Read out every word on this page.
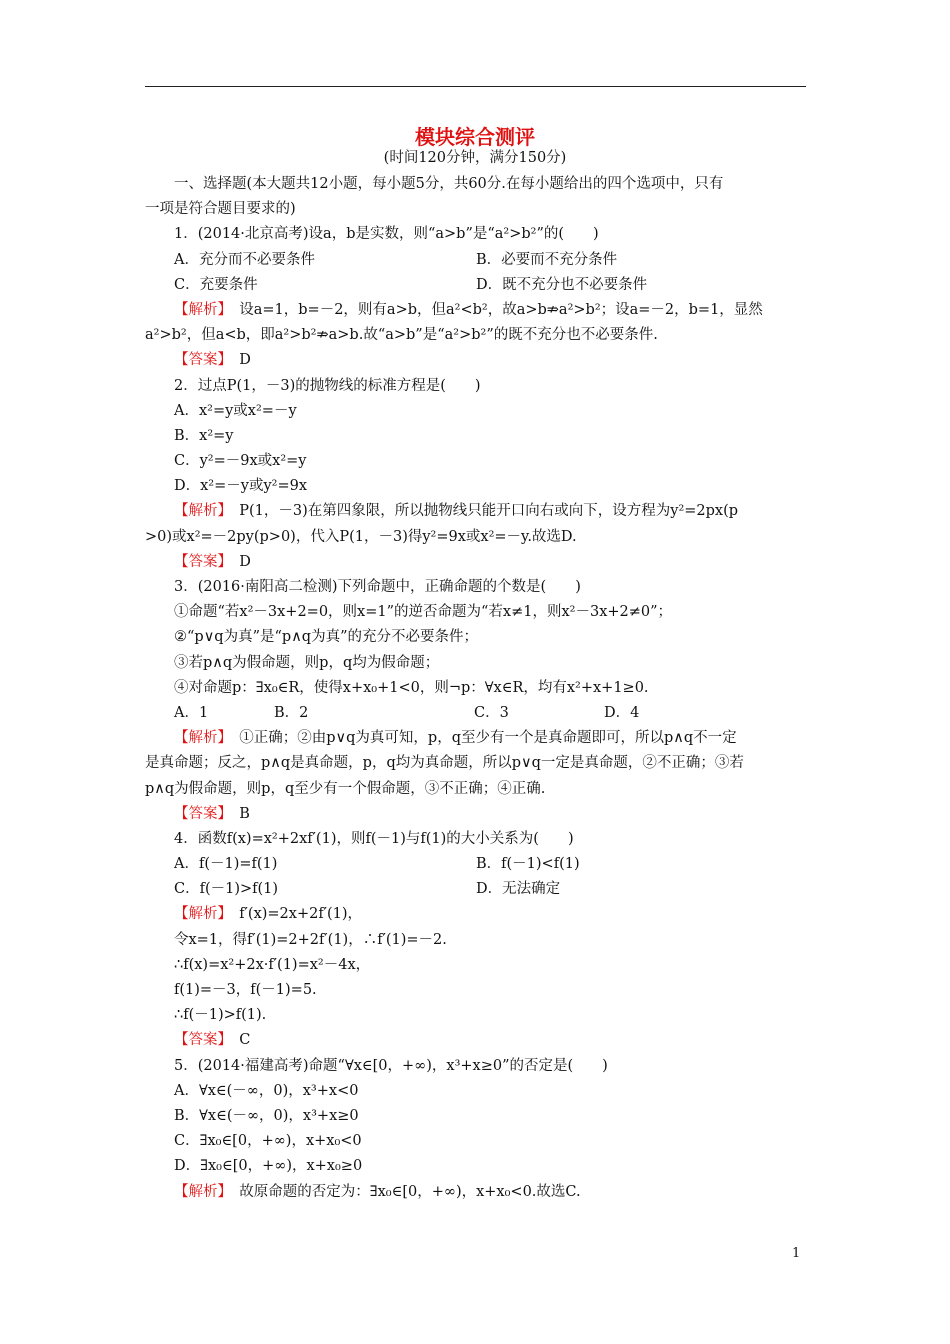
模块综合测评
(时间120分钟，满分150分)
一、选择题(本大题共12小题，每小题5分，共60分.在每小题给出的四个选项中，只有
一项是符合题目要求的)
1．(2014·北京高考)设a，b是实数，则“a>b”是“a²>b²”的(　　)
A．充分而不必要条件	B．必要而不充分条件
C．充要条件	D．既不充分也不必要条件
【解析】　设a=1，b=－2，则有a>b，但a²<b²，故a>b⇏a²>b²；设a=－2，b=1，显然
a²>b²，但a<b，即a²>b²⇏a>b.故“a>b”是“a²>b²”的既不充分也不必要条件.
【答案】　D
2．过点P(1，－3)的抛物线的标准方程是(　　)
A．x²=y或x²=－y
B．x²=y
C．y²=－9x或x²=y
D．x²=－y或y²=9x
【解析】　P(1，－3)在第四象限，所以抛物线只能开口向右或向下，设方程为y²=2px(p
>0)或x²=－2py(p>0)，代入P(1，－3)得y²=9x或x²=－y.故选D.
【答案】　D
3．(2016·南阳高二检测)下列命题中，正确命题的个数是(　　)
①命题“若x²－3x+2=0，则x=1”的逆否命题为“若x≠1，则x²－3x+2≠0”；
②“p∨q为真”是“p∧q为真”的充分不必要条件；
③若p∧q为假命题，则p，q均为假命题；
④对命题p：∃x₀∈R，使得x+x₀+1<0，则¬p：∀x∈R，均有x²+x+1≥0.
A．1	B．2	C．3	D．4
【解析】　①正确；②由p∨q为真可知，p，q至少有一个是真命题即可，所以p∧q不一定
是真命题；反之，p∧q是真命题，p，q均为真命题，所以p∨q一定是真命题，②不正确；③若
p∧q为假命题，则p，q至少有一个假命题，③不正确；④正确.
【答案】　B
4．函数f(x)=x²+2xf′(1)，则f(－1)与f(1)的大小关系为(　　)
A．f(－1)=f(1)	B．f(－1)<f(1)
C．f(－1)>f(1)	D．无法确定
【解析】　f′(x)=2x+2f′(1)，
令x=1，得f′(1)=2+2f′(1)，∴f′(1)=－2.
∴f(x)=x²+2x·f′(1)=x²－4x，
f(1)=－3，f(－1)=5.
∴f(－1)>f(1).
【答案】　C
5．(2014·福建高考)命题“∀x∈[0，+∞)，x³+x≥0”的否定是(　　)
A．∀x∈(－∞，0)，x³+x<0
B．∀x∈(－∞，0)，x³+x≥0
C．∃x₀∈[0，+∞)，x+x₀<0
D．∃x₀∈[0，+∞)，x+x₀≥0
【解析】　故原命题的否定为：∃x₀∈[0，+∞)，x+x₀<0.故选C.
1
